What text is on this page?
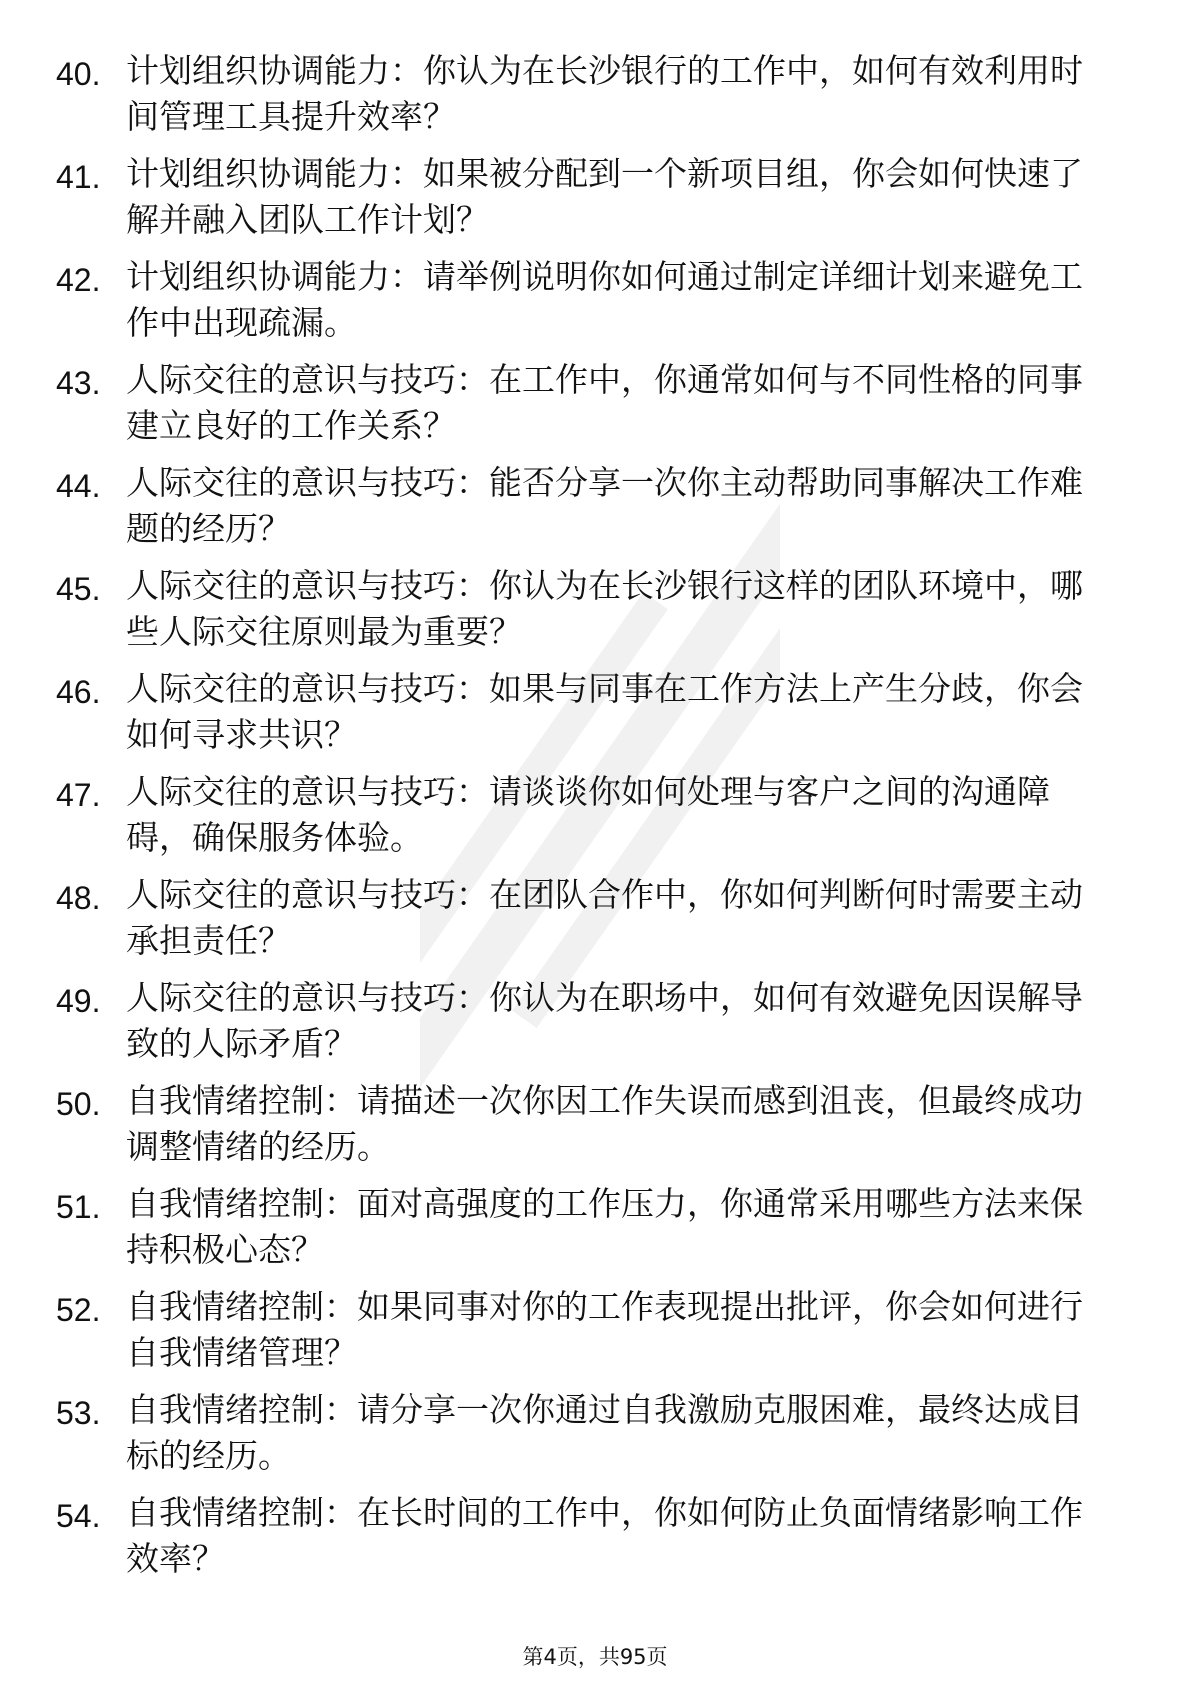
40. 计划组织协调能力：你认为在长沙银行的工作中，如何有效利用时间管理工具提升效率？
41. 计划组织协调能力：如果被分配到一个新项目组，你会如何快速了解并融入团队工作计划？
42. 计划组织协调能力：请举例说明你如何通过制定详细计划来避免工作中出现疏漏。
43. 人际交往的意识与技巧：在工作中，你通常如何与不同性格的同事建立良好的工作关系？
44. 人际交往的意识与技巧：能否分享一次你主动帮助同事解决工作难题的经历？
45. 人际交往的意识与技巧：你认为在长沙银行这样的团队环境中，哪些人际交往原则最为重要？
46. 人际交往的意识与技巧：如果与同事在工作方法上产生分歧，你会如何寻求共识？
47. 人际交往的意识与技巧：请谈谈你如何处理与客户之间的沟通障碍，确保服务体验。
48. 人际交往的意识与技巧：在团队合作中，你如何判断何时需要主动承担责任？
49. 人际交往的意识与技巧：你认为在职场中，如何有效避免因误解导致的人际矛盾？
50. 自我情绪控制：请描述一次你因工作失误而感到沮丧，但最终成功调整情绪的经历。
51. 自我情绪控制：面对高强度的工作压力，你通常采用哪些方法来保持积极心态？
52. 自我情绪控制：如果同事对你的工作表现提出批评，你会如何进行自我情绪管理？
53. 自我情绪控制：请分享一次你通过自我激励克服困难，最终达成目标的经历。
54. 自我情绪控制：在长时间的工作中，你如何防止负面情绪影响工作效率？
第4页，共95页
